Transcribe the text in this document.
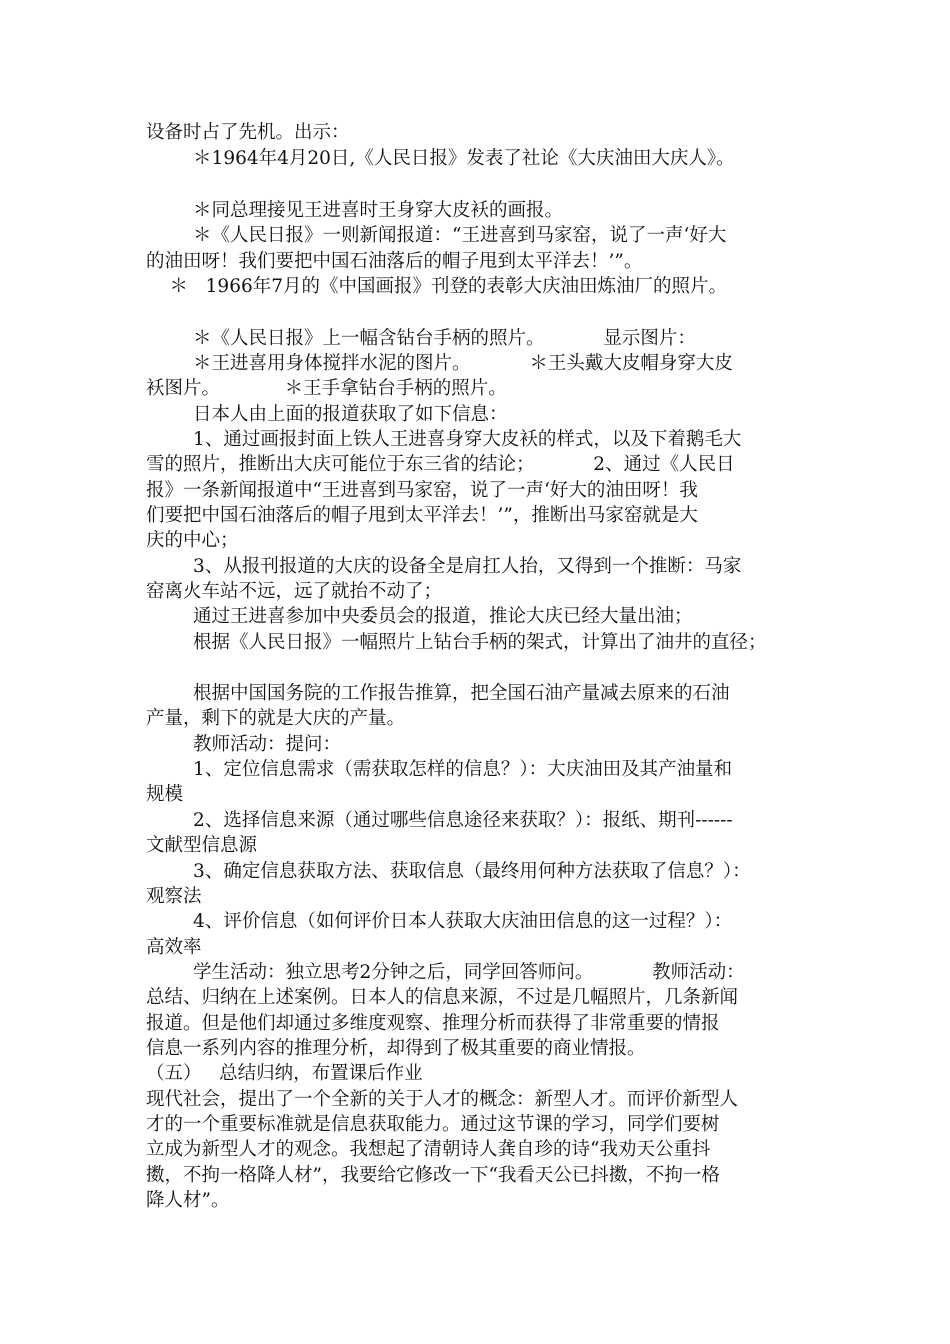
设备时占了先机。出示：
＊1964年4月20日,《人民日报》发表了社论《大庆油田大庆人》。
＊同总理接见王进喜时王身穿大皮袄的画报。
＊《人民日报》一则新闻报道：“王进喜到马家窑，说了一声‘好大
的油田呀！我们要把中国石油落后的帽子甩到太平洋去！’”。
＊   1966年7月的《中国画报》刊登的表彰大庆油田炼油厂的照片。
＊《人民日报》上一幅含钻台手柄的照片。          显示图片：
＊王进喜用身体搅拌水泥的图片。          ＊王头戴大皮帽身穿大皮
袄图片。           ＊王手拿钻台手柄的照片。
日本人由上面的报道获取了如下信息：
1、通过画报封面上铁人王进喜身穿大皮袄的样式，以及下着鹅毛大
雪的照片，推断出大庆可能位于东三省的结论；          2、通过《人民日
报》一条新闻报道中“王进喜到马家窑，说了一声‘好大的油田呀！我
们要把中国石油落后的帽子甩到太平洋去！’”，推断出马家窑就是大
庆的中心；
3、从报刊报道的大庆的设备全是肩扛人抬，又得到一个推断：马家
窑离火车站不远，远了就抬不动了；
通过王进喜参加中央委员会的报道，推论大庆已经大量出油；
根据《人民日报》一幅照片上钻台手柄的架式，计算出了油井的直径；
根据中国国务院的工作报告推算，把全国石油产量减去原来的石油
产量，剩下的就是大庆的产量。
教师活动：提问：
1、定位信息需求（需获取怎样的信息？）：大庆油田及其产油量和
规模
2、选择信息来源（通过哪些信息途径来获取？）：报纸、期刊------
文献型信息源
3、确定信息获取方法、获取信息（最终用何种方法获取了信息？）：
观察法
4、评价信息（如何评价日本人获取大庆油田信息的这一过程？）：
高效率
学生活动：独立思考2分钟之后，同学回答师问。          教师活动：
总结、归纳在上述案例。日本人的信息来源，不过是几幅照片，几条新闻
报道。但是他们却通过多维度观察、推理分析而获得了非常重要的情报
信息一系列内容的推理分析，却得到了极其重要的商业情报。
（五）   总结归纳，布置课后作业
现代社会，提出了一个全新的关于人才的概念：新型人才。而评价新型人
才的一个重要标准就是信息获取能力。通过这节课的学习，同学们要树
立成为新型人才的观念。我想起了清朝诗人龚自珍的诗“我劝天公重抖
擞，不拘一格降人材”，我要给它修改一下“我看天公已抖擞，不拘一格
降人材”。
